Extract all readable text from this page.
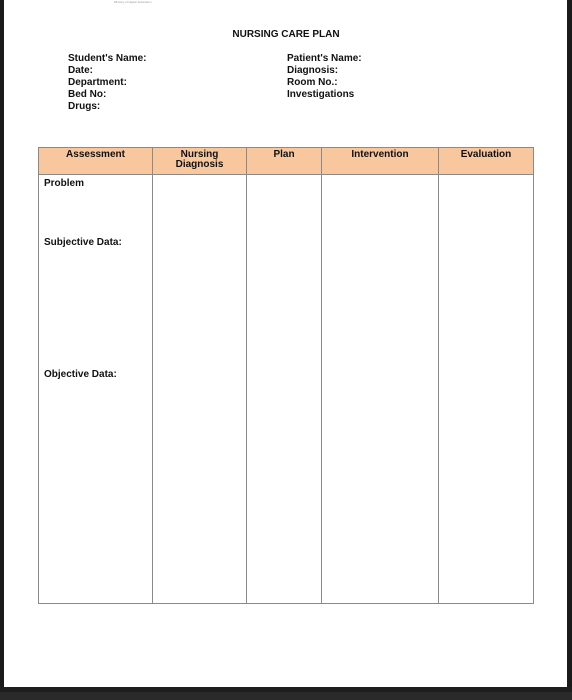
Ministry of Higher Education
NURSING CARE PLAN
Student's Name:
Date:
Department:
Bed No:
Drugs:
Patient's Name:
Diagnosis:
Room No.:
Investigations
Assessment	Nursing Diagnosis	Plan	Intervention	Evaluation

Problem
Subjective Data:
Objective Data:				
